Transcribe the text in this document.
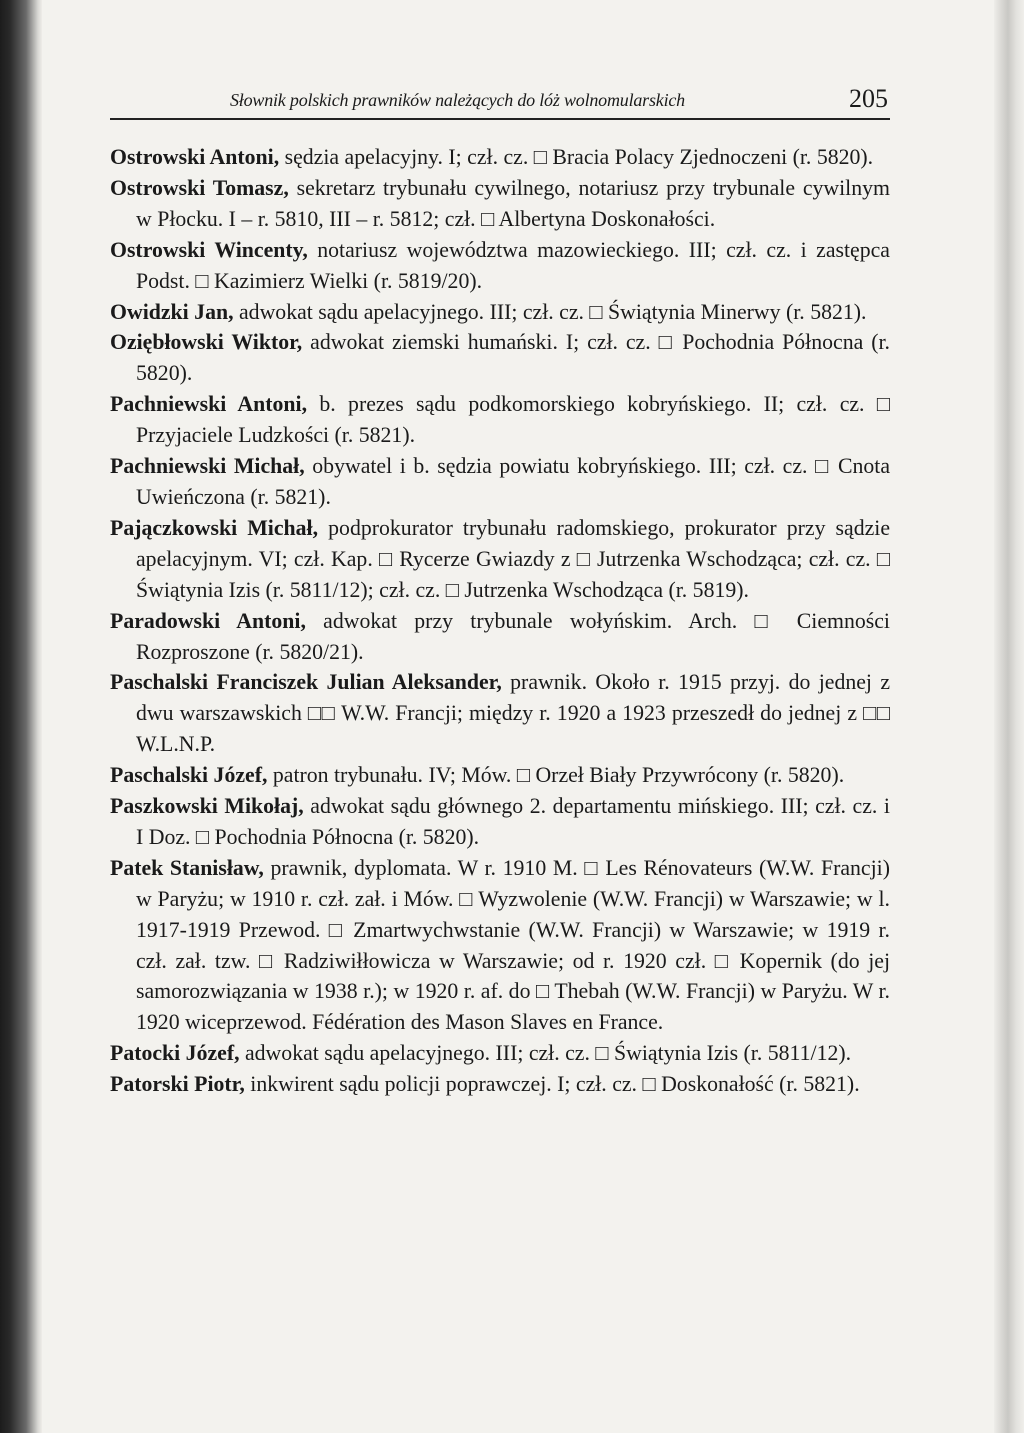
Słownik polskich prawników należących do lóż wolnomularskich	205

Ostrowski Antoni, sędzia apelacyjny. I; czł. cz. □ Bracia Polacy Zjednoczeni (r. 5820).

Ostrowski Tomasz, sekretarz trybunału cywilnego, notariusz przy trybunale cywilnym w Płocku. I – r. 5810, III – r. 5812; czł. □ Albertyna Doskonałości.

Ostrowski Wincenty, notariusz województwa mazowieckiego. III; czł. cz. i zastępca Podst. □ Kazimierz Wielki (r. 5819/20).

Owidzki Jan, adwokat sądu apelacyjnego. III; czł. cz. □ Świątynia Minerwy (r. 5821).

Oziębłowski Wiktor, adwokat ziemski humański. I; czł. cz. □ Pochodnia Północna (r. 5820).

Pachniewski Antoni, b. prezes sądu podkomorskiego kobryńskiego. II; czł. cz. □ Przyjaciele Ludzkości (r. 5821).

Pachniewski Michał, obywatel i b. sędzia powiatu kobryńskiego. III; czł. cz. □ Cnota Uwieńczona (r. 5821).

Pajączkowski Michał, podprokurator trybunału radomskiego, prokurator przy sądzie apelacyjnym. VI; czł. Kap. □ Rycerze Gwiazdy z □ Jutrzenka Wschodząca; czł. cz. □ Świątynia Izis (r. 5811/12); czł. cz. □ Jutrzenka Wschodząca (r. 5819).

Paradowski Antoni, adwokat przy trybunale wołyńskim. Arch. □ Ciemności Rozproszone (r. 5820/21).

Paschalski Franciszek Julian Aleksander, prawnik. Około r. 1915 przyj. do jednej z dwu warszawskich □□ W.W. Francji; między r. 1920 a 1923 przeszedł do jednej z □□ W.L.N.P.

Paschalski Józef, patron trybunału. IV; Mów. □ Orzeł Biały Przywrócony (r. 5820).

Paszkowski Mikołaj, adwokat sądu głównego 2. departamentu mińskiego. III; czł. cz. i I Doz. □ Pochodnia Północna (r. 5820).

Patek Stanisław, prawnik, dyplomata. W r. 1910 M. □ Les Rénovateurs (W.W. Francji) w Paryżu; w 1910 r. czł. zał. i Mów. □ Wyzwolenie (W.W. Francji) w Warszawie; w l. 1917-1919 Przewod. □ Zmartwychwstanie (W.W. Francji) w Warszawie; w 1919 r. czł. zał. tzw. □ Radziwiłłowicza w Warszawie; od r. 1920 czł. □ Kopernik (do jej samorozwiązania w 1938 r.); w 1920 r. af. do □ Thebah (W.W. Francji) w Paryżu. W r. 1920 wiceprzewod. Fédération des Mason Slaves en France.

Patocki Józef, adwokat sądu apelacyjnego. III; czł. cz. □ Świątynia Izis (r. 5811/12).

Patorski Piotr, inkwirent sądu policji poprawczej. I; czł. cz. □ Doskonałość (r. 5821).
